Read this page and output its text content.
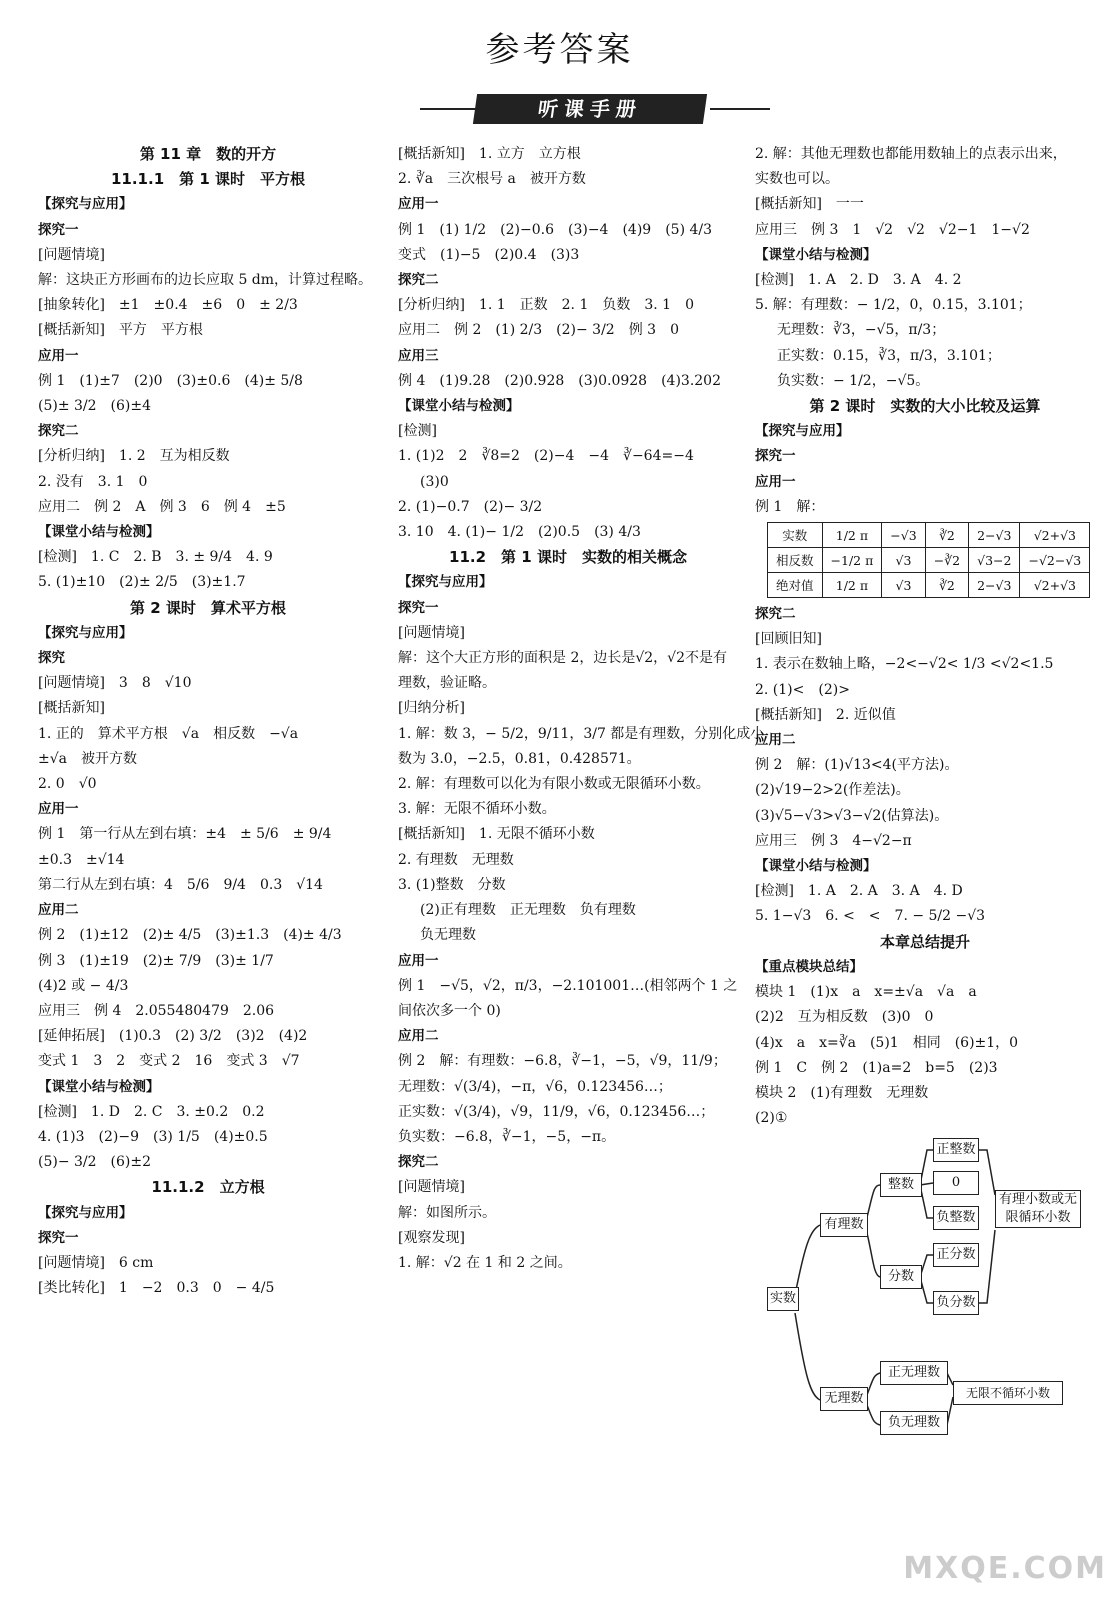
参考答案
听课手册
第 11 章　数的开方
11.1.1　第 1 课时　平方根
【探究与应用】
探究一
[问题情境]
解：这块正方形画布的边长应取 5 dm，计算过程略。
[抽象转化]　±1　±0.4　±6　0　± 2/3
[概括新知]　平方　平方根
应用一
例 1　(1)±7　(2)0　(3)±0.6　(4)± 5/8
(5)± 3/2　(6)±4
探究二
[分析归纳]　1. 2　互为相反数
2. 没有　3. 1　0
应用二　例 2　A　例 3　6　例 4　±5
【课堂小结与检测】
[检测]　1. C　2. B　3. ± 9/4　4. 9
5. (1)±10　(2)± 2/5　(3)±1.7
第 2 课时　算术平方根
【探究与应用】
探究
[问题情境]　3　8　√10
[概括新知]
1. 正的　算术平方根　√a　相反数　−√a
±√a　被开方数
2. 0　√0
应用一
例 1　第一行从左到右填：±4　± 5/6　± 9/4
±0.3　±√14
第二行从左到右填：4　5/6　9/4　0.3　√14
应用二
例 2　(1)±12　(2)± 4/5　(3)±1.3　(4)± 4/3
例 3　(1)±19　(2)± 7/9　(3)± 1/7
(4)2 或 − 4/3
应用三　例 4　2.055480479　2.06
[延伸拓展]　(1)0.3　(2) 3/2　(3)2　(4)2
变式 1　3　2　变式 2　16　变式 3　√7
【课堂小结与检测】
[检测]　1. D　2. C　3. ±0.2　0.2
4. (1)3　(2)−9　(3) 1/5　(4)±0.5
(5)− 3/2　(6)±2
11.1.2　立方根
【探究与应用】
探究一
[问题情境]　6 cm
[类比转化]　1　−2　0.3　0　− 4/5
[概括新知]　1. 立方　立方根
2. ∛a　三次根号 a　被开方数
应用一
例 1　(1) 1/2　(2)−0.6　(3)−4　(4)9　(5) 4/3
变式　(1)−5　(2)0.4　(3)3
探究二
[分析归纳]　1. 1　正数　2. 1　负数　3. 1　0
应用二　例 2　(1) 2/3　(2)− 3/2　例 3　0
应用三
例 4　(1)9.28　(2)0.928　(3)0.0928　(4)3.202
【课堂小结与检测】
[检测]
1. (1)2　2　∛8=2　(2)−4　−4　∛−64=−4
(3)0
2. (1)−0.7　(2)− 3/2
3. 10　4. (1)− 1/2　(2)0.5　(3) 4/3
11.2　第 1 课时　实数的相关概念
【探究与应用】
探究一
[问题情境]
解：这个大正方形的面积是 2，边长是√2，√2不是有
理数，验证略。
[归纳分析]
1. 解：数 3，− 5/2，9/11，3/7 都是有理数，分别化成小
数为 3.0，−2.5，0.81，0.428571。
2. 解：有理数可以化为有限小数或无限循环小数。
3. 解：无限不循环小数。
[概括新知]　1. 无限不循环小数
2. 有理数　无理数
3. (1)整数　分数
(2)正有理数　正无理数　负有理数
负无理数
应用一
例 1　−√5，√2，π/3，−2.101001…(相邻两个 1 之
间依次多一个 0)
应用二
例 2　解：有理数：−6.8，∛−1，−5，√9，11/9；
无理数：√(3/4)，−π，√6，0.123456…；
正实数：√(3/4)，√9，11/9，√6，0.123456…；
负实数：−6.8，∛−1，−5，−π。
探究二
[问题情境]
解：如图所示。
[观察发现]
1. 解：√2 在 1 和 2 之间。
2. 解：其他无理数也都能用数轴上的点表示出来，
实数也可以。
[概括新知]　一一
应用三　例 3　1　√2　√2　√2−1　1−√2
【课堂小结与检测】
[检测]　1. A　2. D　3. A　4. 2
5. 解：有理数：− 1/2，0，0.15，3.101；
无理数：∛3，−√5，π/3；
正实数：0.15，∛3，π/3，3.101；
负实数：− 1/2，−√5。
第 2 课时　实数的大小比较及运算
【探究与应用】
探究一
应用一
例 1　解：
实数	1/2 π	−√3	∛2	2−√3	√2+√3
相反数	−1/2 π	√3	−∛2	√3−2	−√2−√3
绝对值	1/2 π	√3	∛2	2−√3	√2+√3
探究二
[回顾旧知]
1. 表示在数轴上略，−2<−√2< 1/3 <√2<1.5
2. (1)<　(2)>
[概括新知]　2. 近似值
应用二
例 2　解：(1)√13<4(平方法)。
(2)√19−2>2(作差法)。
(3)√5−√3>√3−√2(估算法)。
应用三　例 3　4−√2−π
【课堂小结与检测】
[检测]　1. A　2. A　3. A　4. D
5. 1−√3　6. <　<　7. − 5/2 −√3
本章总结提升
【重点模块总结】
模块 1　(1)x　a　x=±√a　√a　a
(2)2　互为相反数　(3)0　0
(4)x　a　x=∛a　(5)1　相同　(6)±1，0
例 1　C　例 2　(1)a=2　b=5　(2)3
模块 2　(1)有理数　无理数
(2)①
实数
有理数
无理数
整数
分数
正整数
0
负整数
正分数
负分数
正无理数
负无理数
有理小数或无限循环小数
无限不循环小数
MXQE.COM
